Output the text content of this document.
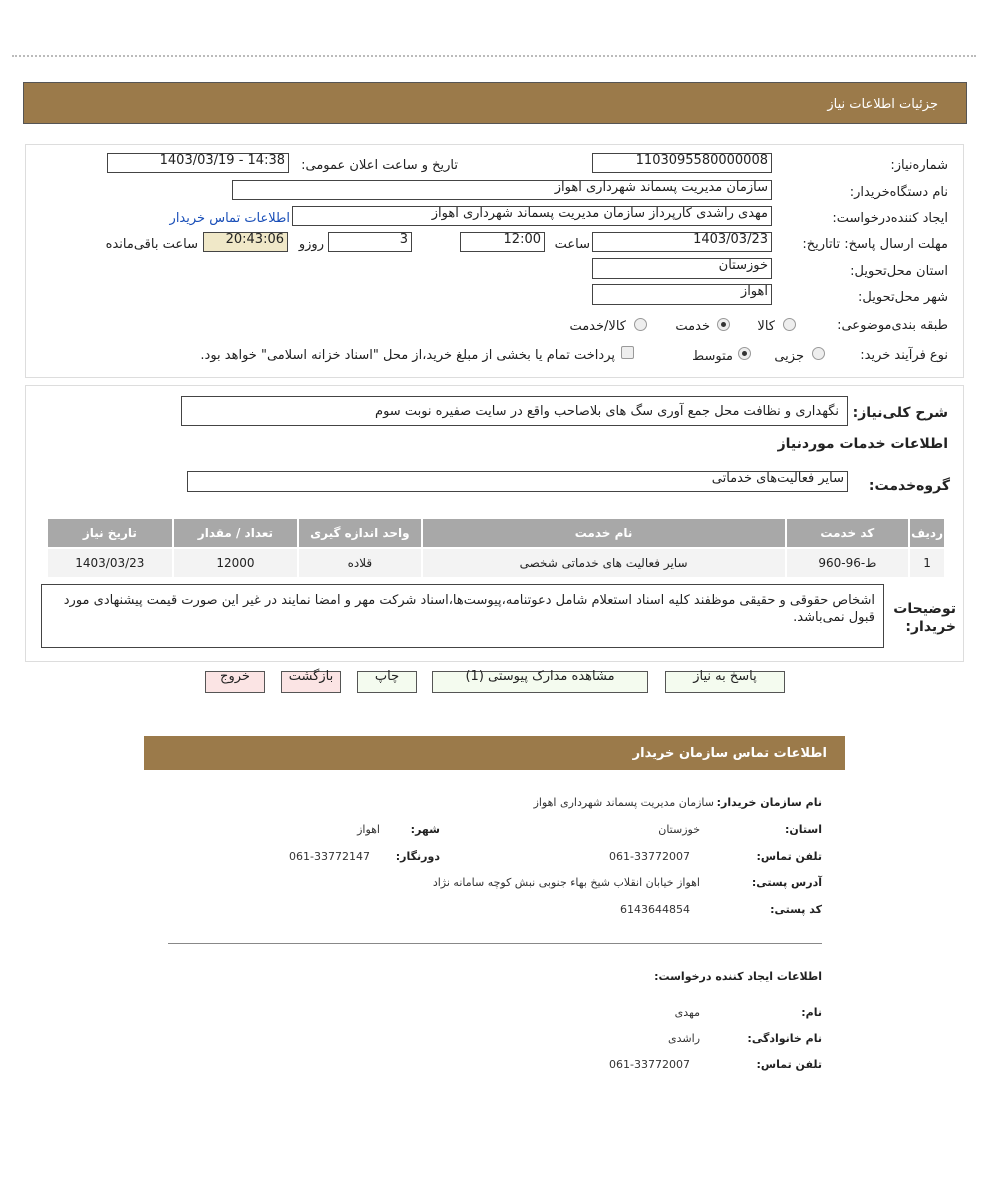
جزئیات اطلاعات نیاز
شماره‌نیاز:
1103095580000008
تاریخ و ساعت اعلان عمومی:
1403/03/19 - 14:38
نام دستگاه‌خریدار:
سازمان مدیریت پسماند شهرداری اهواز
ایجاد کننده‌درخواست:
مهدی راشدی کارپرداز سازمان مدیریت پسماند شهرداری اهواز
اطلاعات تماس خریدار
مهلت ارسال پاسخ: تاتاریخ:
1403/03/23
ساعت
12:00
3
روزو
20:43:06
ساعت باقی‌مانده
استان محل‌تحویل:
خوزستان
شهر محل‌تحویل:
اهواز
طبقه بندی‌موضوعی:
کالا
خدمت
کالا/خدمت
نوع فرآیند خرید:
جزیی
متوسط
پرداخت تمام یا بخشی از مبلغ خرید،از محل "اسناد خزانه اسلامی" خواهد بود.
شرح کلی‌نیاز:
نگهداری و نظافت محل جمع آوری سگ های بلاصاحب واقع در سایت صفیره نوبت سوم
اطلاعات خدمات مورد‌نیاز
گروه‌خدمت:
سایر فعالیت‌های خدماتی
ردیف	کد خدمت	نام خدمت	واحد اندازه گیری	تعداد / مقدار	تاریخ نیاز
1	ط-96-960	سایر فعالیت های خدماتی شخصی	قلاده	12000	1403/03/23
توضیحات خریدار:
اشخاص حقوقی و حقیقی موظفند کلیه اسناد استعلام شامل دعوتنامه،پیوست‌ها،اسناد شرکت مهر و امضا نمایند در غیر این صورت قیمت پیشنهادی مورد قبول نمی‌باشد.
پاسخ به نیاز
مشاهده مدارک پیوستی (1)
چاپ
بازگشت
خروج
اطلاعات تماس سازمان خریدار
نام سازمان خریدار:
سازمان مدیریت پسماند شهرداری اهواز
استان:
خوزستان
شهر:
اهواز
تلفن تماس:
061-33772007
دورنگار:
061-33772147
آدرس پستی:
اهواز خیابان انقلاب شیخ بهاء جنوبی نبش کوچه سامانه نژاد
کد پستی:
6143644854
اطلاعات ایجاد کننده درخواست:
نام:
مهدی
نام خانوادگی:
راشدی
تلفن تماس:
061-33772007
